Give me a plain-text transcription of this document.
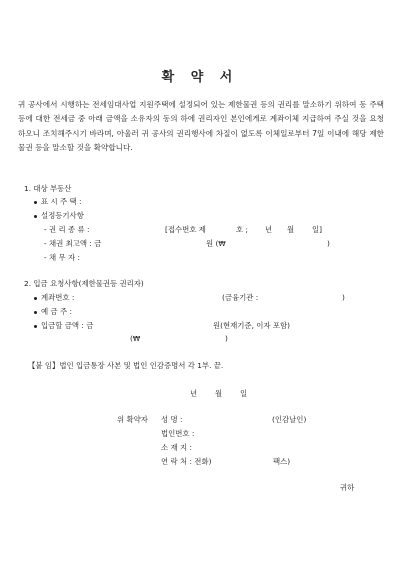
확 약 서
귀 공사에서 시행하는 전세임대사업 지원주택에 설정되어 있는 제한물권 등의 권리를 말소하기 위하여 동 주택 등에 대한 전세금 중 아래 금액을 소유자의 동의 하에 권리자인 본인에게로 계좌이체 지급하여 주실 것을 요청하오니 조치해주시기 바라며, 아울러 귀 공사의 권리행사에 차질이 없도록 이체일로부터 7일 이내에 해당 제한물권 등을 말소할 것을 확약합니다.
1. 대상 부동산
표 시 주 택 :
설정등기사항
- 권 리 종 류 :	[접수번호 제	호 ; 년 월 일]
- 채권 최고액 : 금	원 (₩	)
- 채 무 자 :
2. 입금 요청사항(제한물권등 권리자)
계좌번호 :	(금융기관 :	)
예 금 주 :
입금할 금액 : 금	원(현재기준, 이자 포함)
(₩	)
【붙 임】법인 입금통장 사본 및 법인 인감증명서 각 1부. 끝.
년 월 일
위 확약자 성 명 :	(인감날인)
법인번호 :
소 재 지 :
연 락 처 : 전화)	팩스)
귀하
